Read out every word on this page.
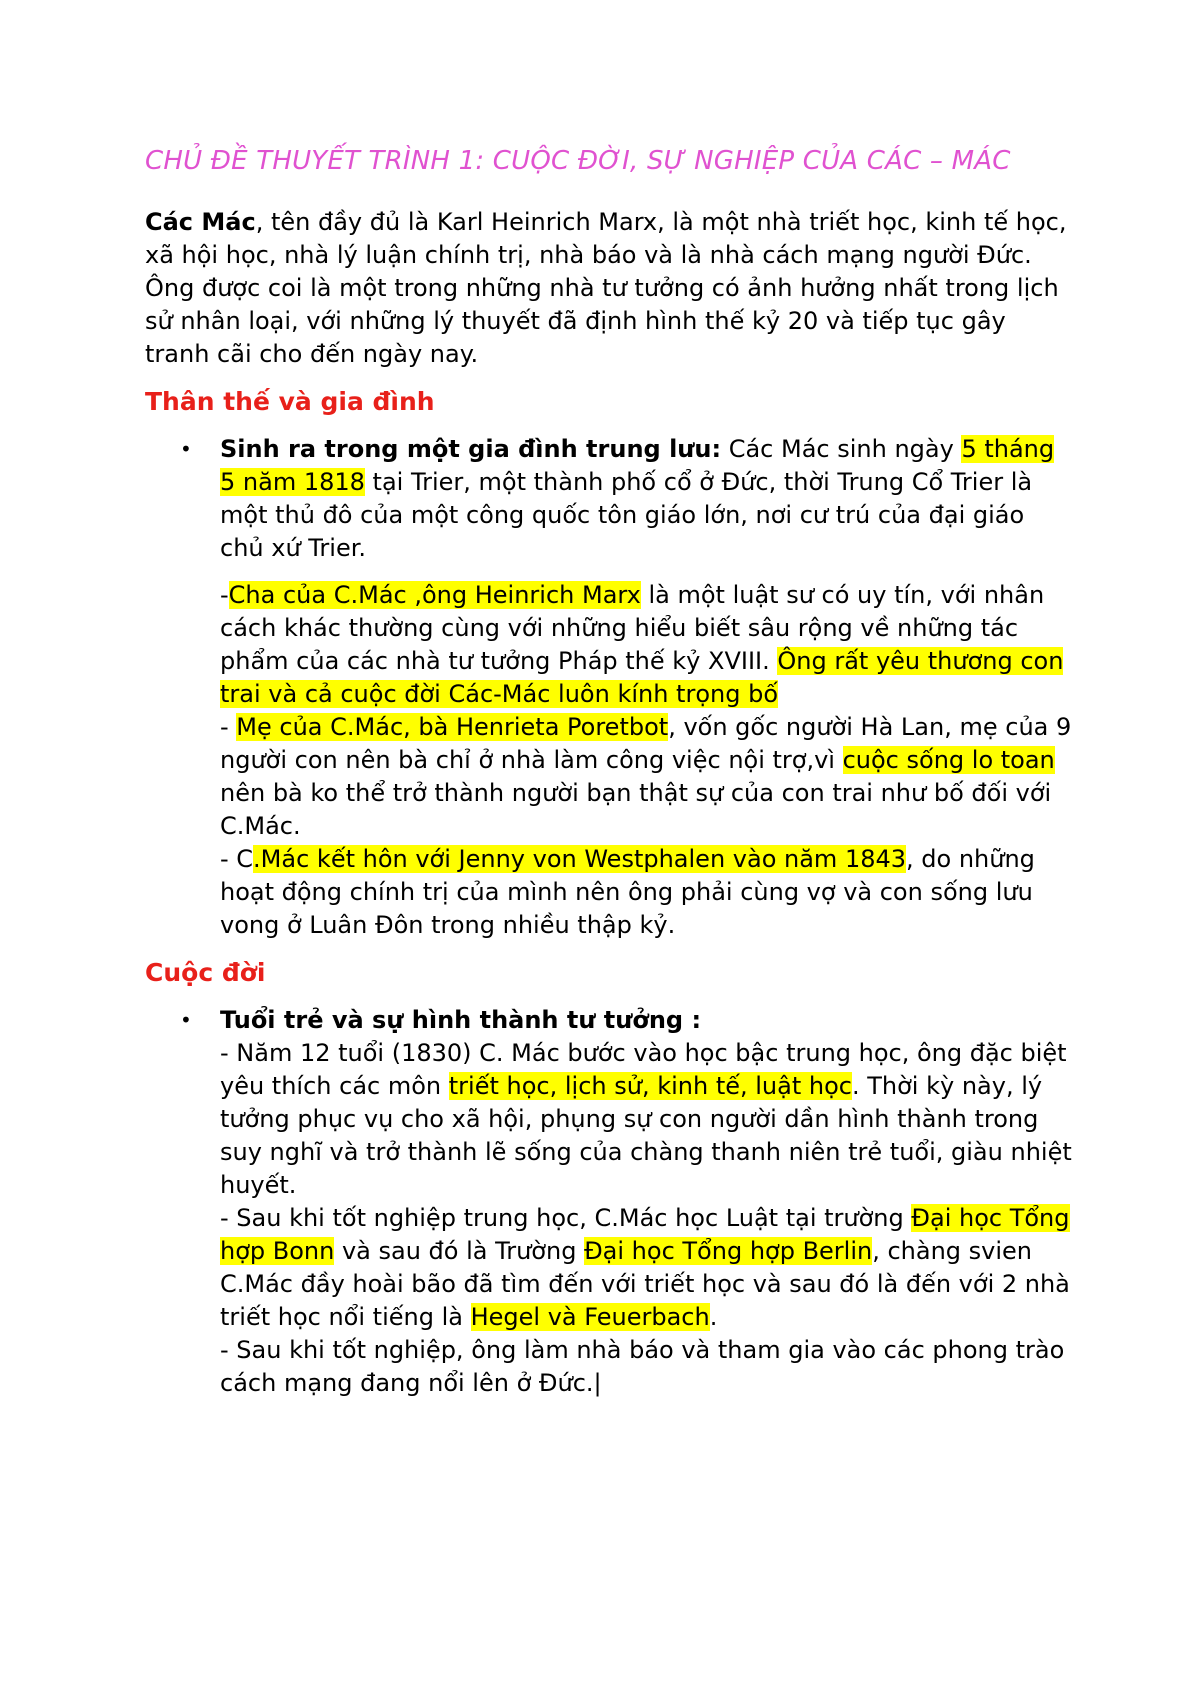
CHỦ ĐỀ THUYẾT TRÌNH 1: CUỘC ĐỜI, SỰ NGHIỆP CỦA CÁC – MÁC
Các Mác, tên đầy đủ là Karl Heinrich Marx, là một nhà triết học, kinh tế học, xã hội học, nhà lý luận chính trị, nhà báo và là nhà cách mạng người Đức. Ông được coi là một trong những nhà tư tưởng có ảnh hưởng nhất trong lịch sử nhân loại, với những lý thuyết đã định hình thế kỷ 20 và tiếp tục gây tranh cãi cho đến ngày nay.
Thân thế và gia đình
• Sinh ra trong một gia đình trung lưu: Các Mác sinh ngày 5 tháng 5 năm 1818 tại Trier, một thành phố cổ ở Đức, thời Trung Cổ Trier là một thủ đô của một công quốc tôn giáo lớn, nơi cư trú của đại giáo chủ xứ Trier.
-Cha của C.Mác ,ông Heinrich Marx là một luật sư có uy tín, với nhân cách khác thường cùng với những hiểu biết sâu rộng về những tác phẩm của các nhà tư tưởng Pháp thế kỷ XVIII. Ông rất yêu thương con trai và cả cuộc đời Các-Mác luôn kính trọng bố
- Mẹ của C.Mác, bà Henrieta Poretbot, vốn gốc người Hà Lan, mẹ của 9 người con nên bà chỉ ở nhà làm công việc nội trợ,vì cuộc sống lo toan nên bà ko thể trở thành người bạn thật sự của con trai như bố đối với C.Mác.
- C.Mác kết hôn với Jenny von Westphalen vào năm 1843, do những hoạt động chính trị của mình nên ông phải cùng vợ và con sống lưu vong ở Luân Đôn trong nhiều thập kỷ.
Cuộc đời
• Tuổi trẻ và sự hình thành tư tưởng :
- Năm 12 tuổi (1830) C. Mác bước vào học bậc trung học, ông đặc biệt yêu thích các môn triết học, lịch sử, kinh tế, luật học. Thời kỳ này, lý tưởng phục vụ cho xã hội, phụng sự con người dần hình thành trong suy nghĩ và trở thành lẽ sống của chàng thanh niên trẻ tuổi, giàu nhiệt huyết.
- Sau khi tốt nghiệp trung học, C.Mác học Luật tại trường Đại học Tổng hợp Bonn và sau đó là Trường Đại học Tổng hợp Berlin, chàng svien C.Mác đầy hoài bão đã tìm đến với triết học và sau đó là đến với 2 nhà triết học nổi tiếng là Hegel và Feuerbach.
- Sau khi tốt nghiệp, ông làm nhà báo và tham gia vào các phong trào cách mạng đang nổi lên ở Đức.|
